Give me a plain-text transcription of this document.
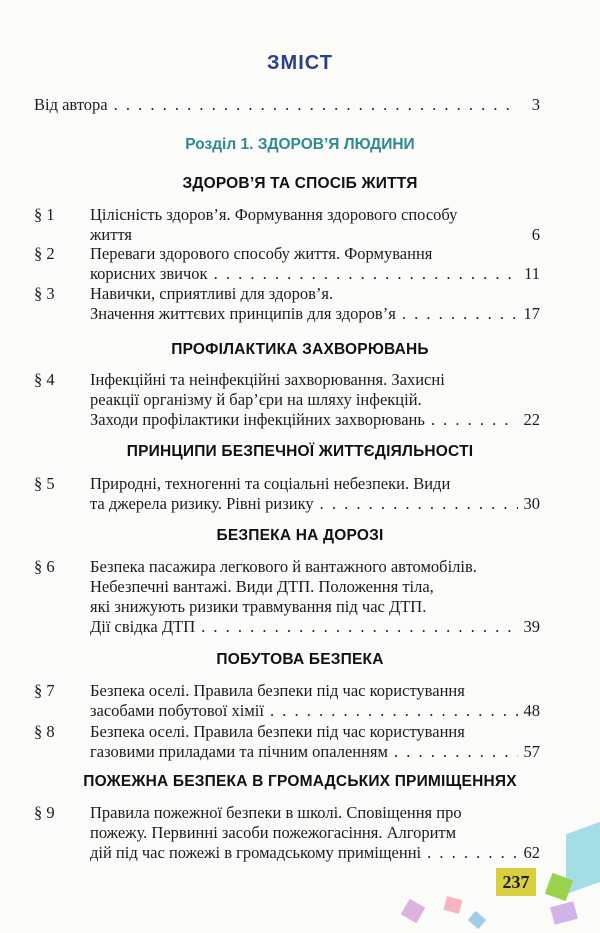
ЗМІСТ
Від автора . . .	3
Розділ 1. ЗДОРОВ’Я ЛЮДИНИ
ЗДОРОВ’Я ТА СПОСІБ ЖИТТЯ
§ 1 Цілісність здоров’я. Формування здорового способу
життя	6
§ 2 Переваги здорового способу життя. Формування
корисних звичок . . .	11
§ 3 Навички, сприятливі для здоров’я.
Значення життєвих принципів для здоров’я . . .	17
ПРОФІЛАКТИКА ЗАХВОРЮВАНЬ
§ 4 Інфекційні та неінфекційні захворювання. Захисні
реакції організму й бар’єри на шляху інфекцій.
Заходи профілактики інфекційних захворювань . . .	22
ПРИНЦИПИ БЕЗПЕЧНОЇ ЖИТТЄДІЯЛЬНОСТІ
§ 5 Природні, техногенні та соціальні небезпеки. Види
та джерела ризику. Рівні ризику . . .	30
БЕЗПЕКА НА ДОРОЗІ
§ 6 Безпека пасажира легкового й вантажного автомобілів.
Небезпечні вантажі. Види ДТП. Положення тіла,
які знижують ризики травмування під час ДТП.
Дії свідка ДТП . . .	39
ПОБУТОВА БЕЗПЕКА
§ 7 Безпека оселі. Правила безпеки під час користування
засобами побутової хімії . . .	48
§ 8 Безпека оселі. Правила безпеки під час користування
газовими приладами та пічним опаленням . . .	57
ПОЖЕЖНА БЕЗПЕКА В ГРОМАДСЬКИХ ПРИМІЩЕННЯХ
§ 9 Правила пожежної безпеки в школі. Сповіщення про
пожежу. Первинні засоби пожежогасіння. Алгоритм
дій під час пожежі в громадському приміщенні . . .	62
237
